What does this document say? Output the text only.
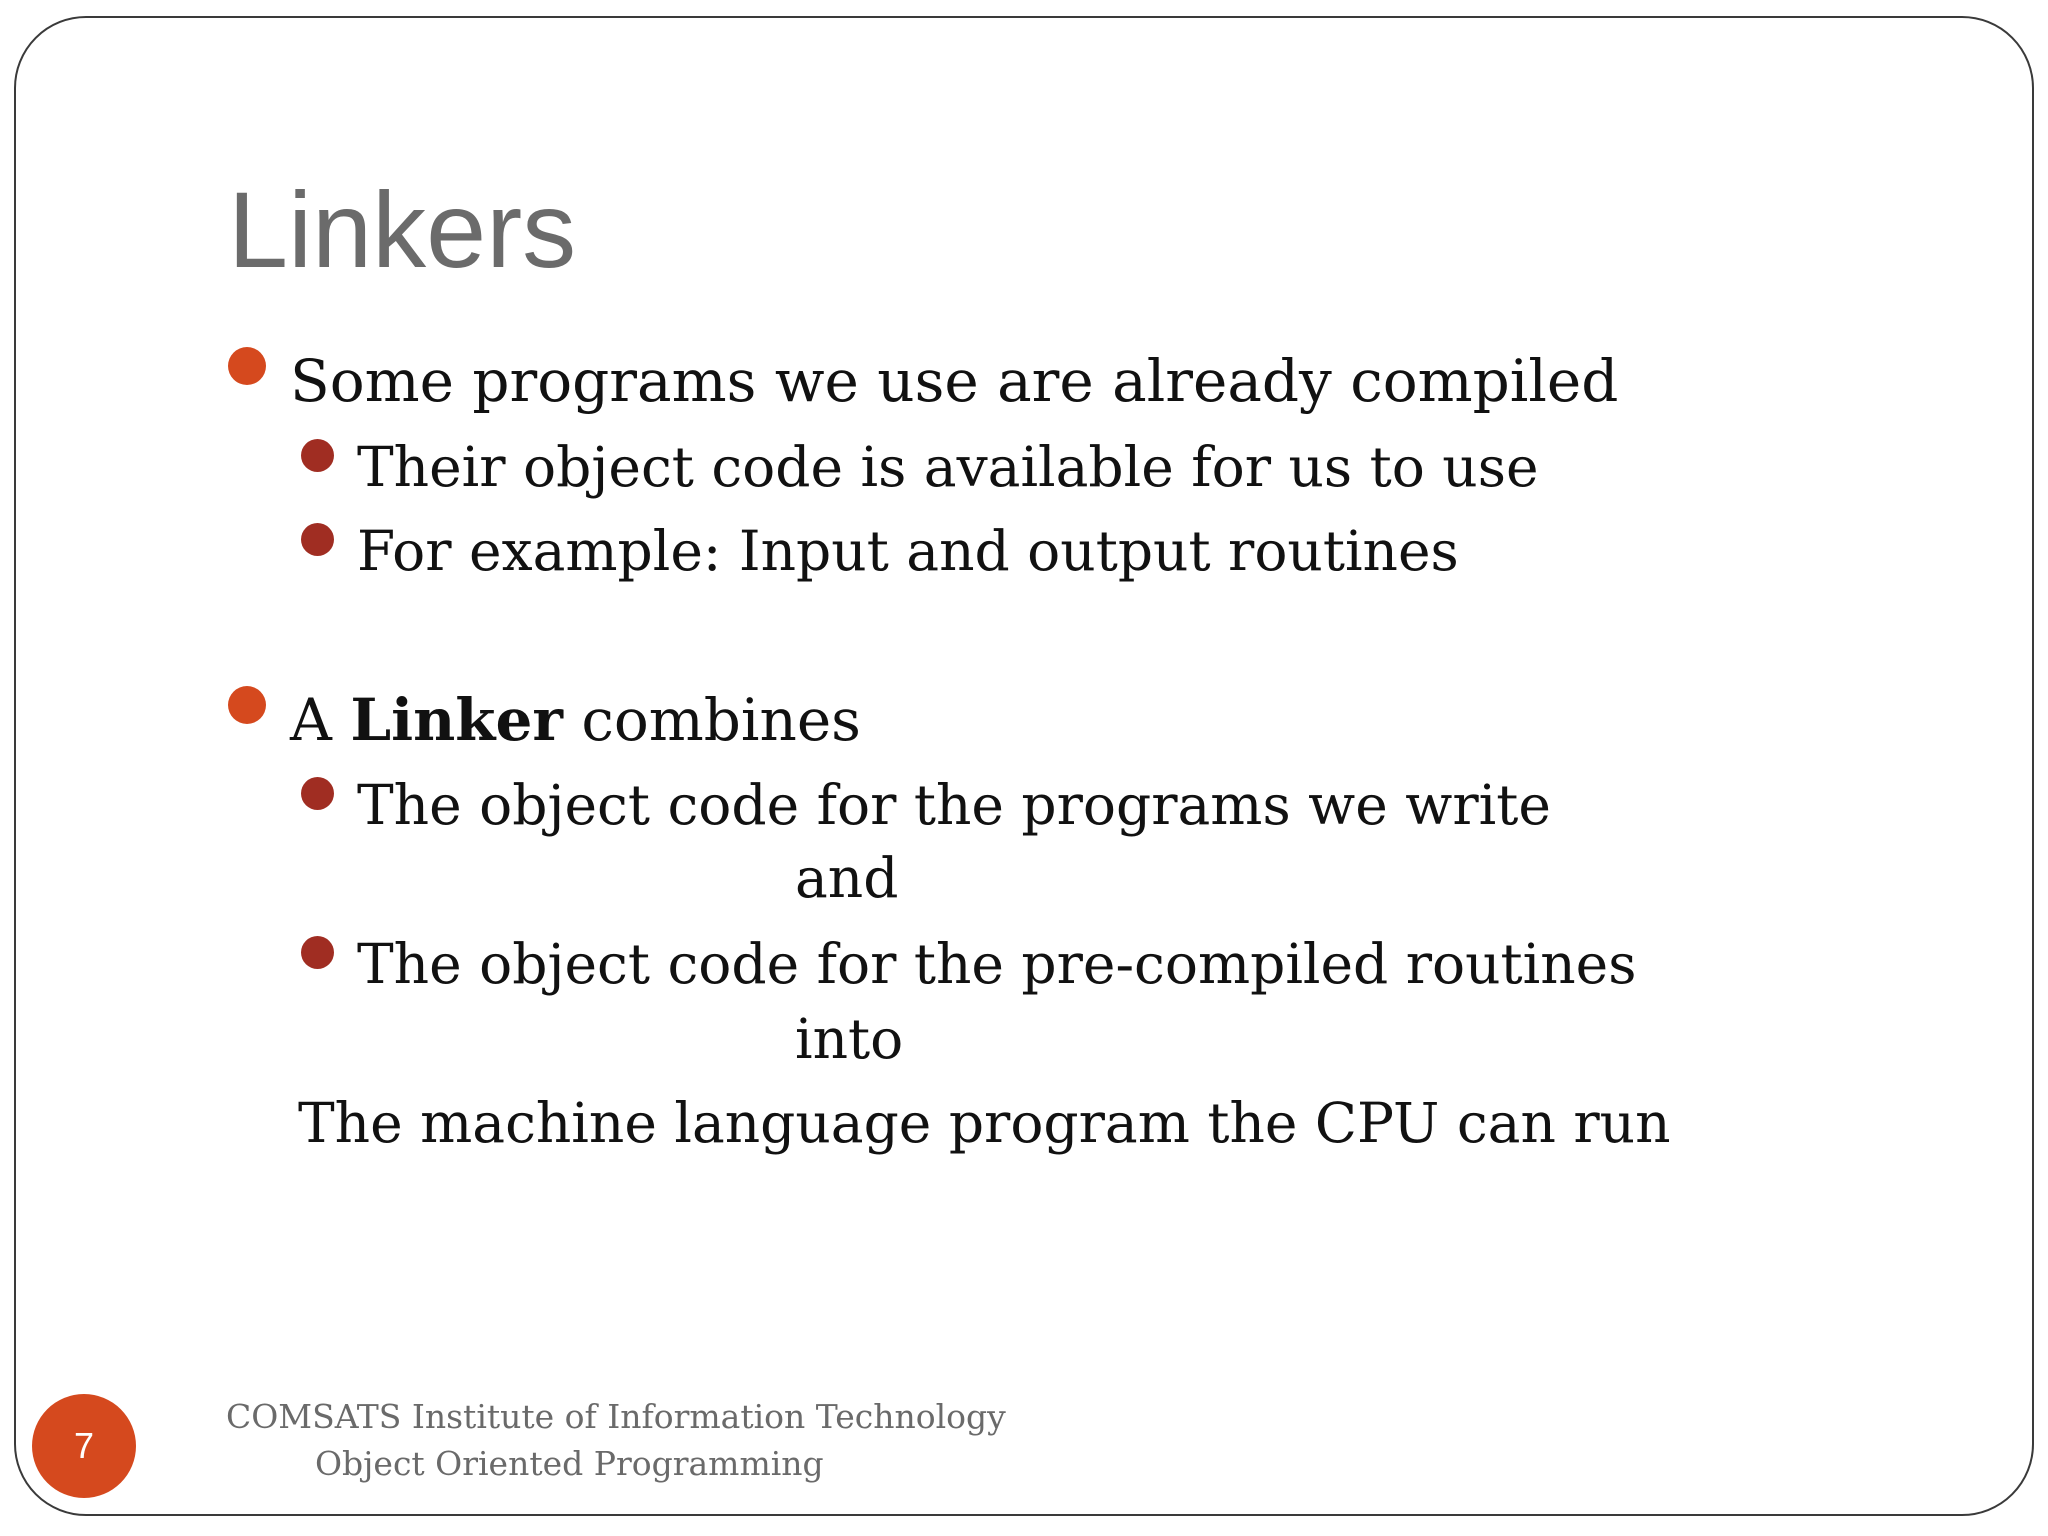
Linkers
Some programs we use are already compiled
Their object code is available for us to use
For example: Input and output routines
A Linker combines
The object code for the programs we write
and
The object code for the pre-compiled routines
into
The machine language program the CPU can run
7
COMSATS Institute of Information Technology
Object Oriented Programming
